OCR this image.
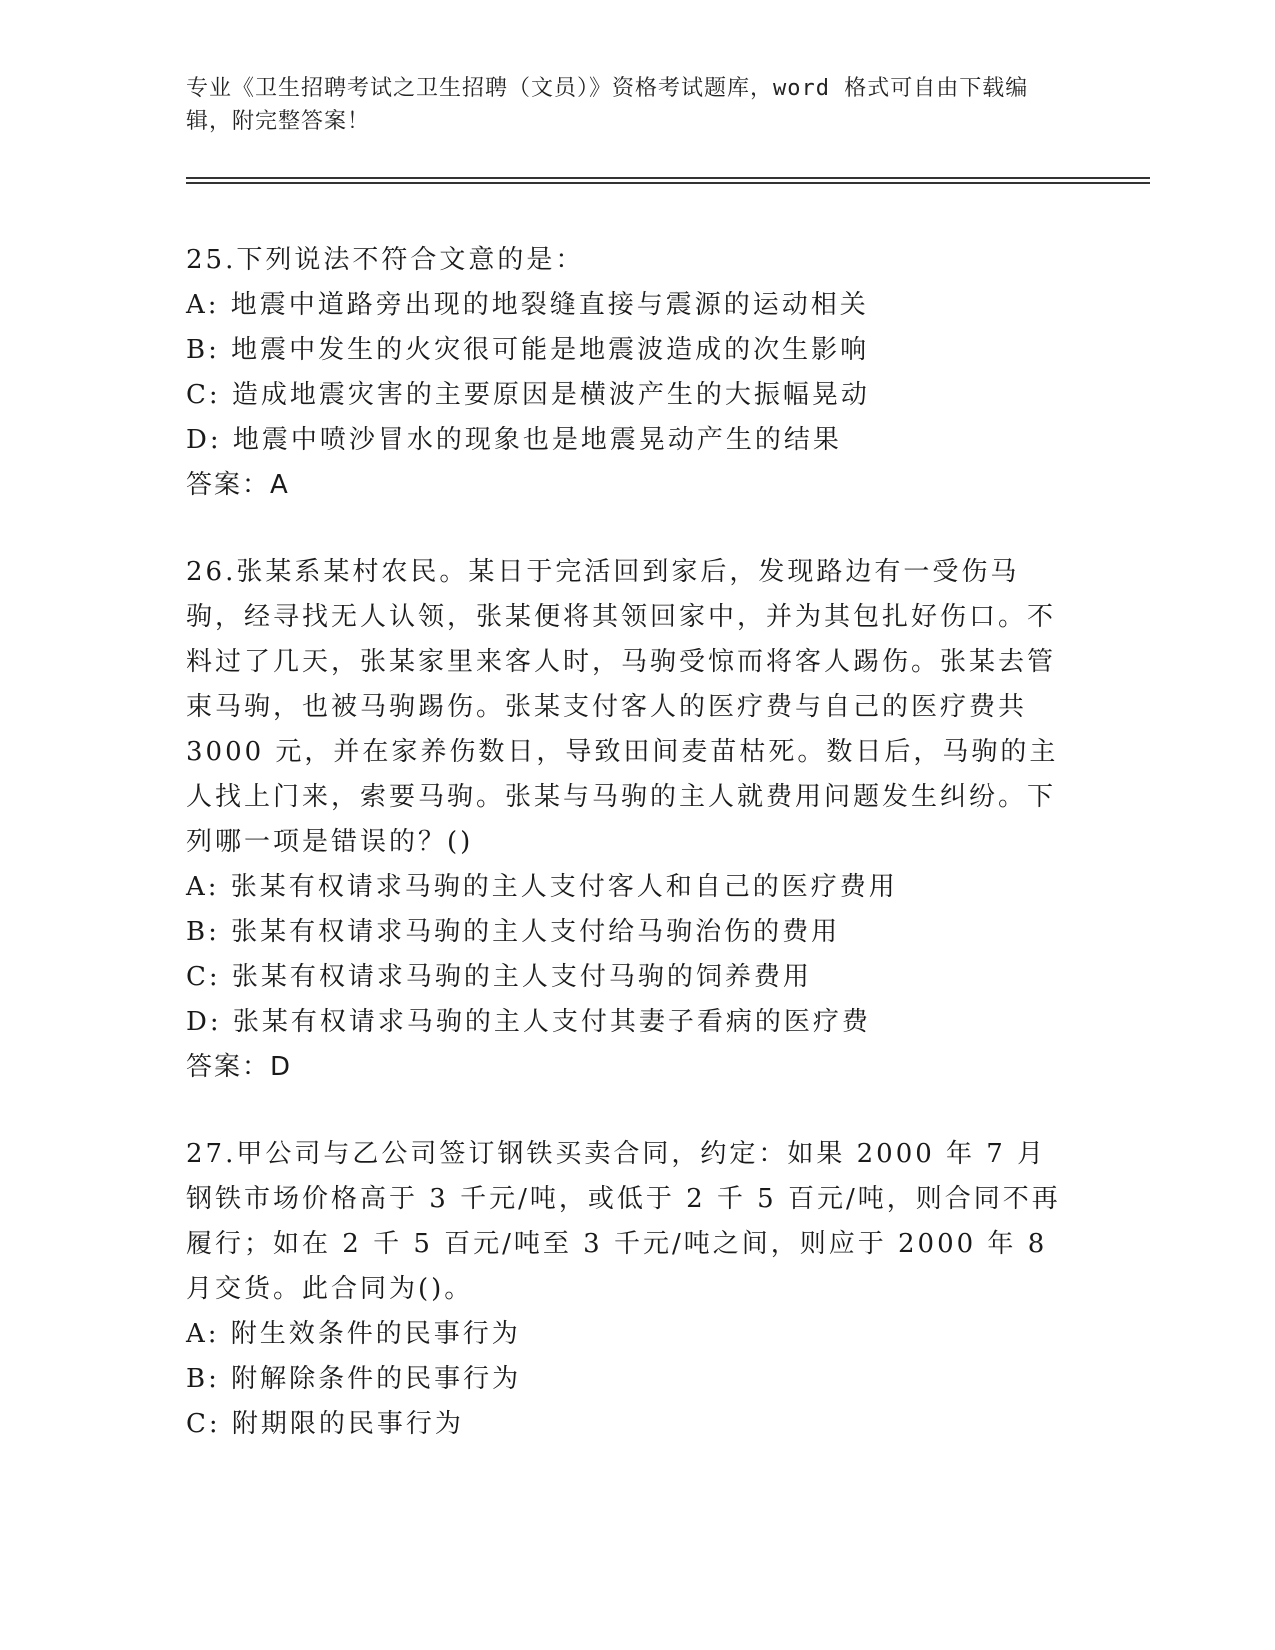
专业《卫生招聘考试之卫生招聘（文员）》资格考试题库，word 格式可自由下载编辑，附完整答案！
25.下列说法不符合文意的是：
A: 地震中道路旁出现的地裂缝直接与震源的运动相关
B: 地震中发生的火灾很可能是地震波造成的次生影响
C: 造成地震灾害的主要原因是横波产生的大振幅晃动
D: 地震中喷沙冒水的现象也是地震晃动产生的结果
答案：A
26.张某系某村农民。某日于完活回到家后，发现路边有一受伤马驹，经寻找无人认领，张某便将其领回家中，并为其包扎好伤口。不料过了几天，张某家里来客人时，马驹受惊而将客人踢伤。张某去管束马驹，也被马驹踢伤。张某支付客人的医疗费与自己的医疗费共 3000 元，并在家养伤数日，导致田间麦苗枯死。数日后，马驹的主人找上门来，索要马驹。张某与马驹的主人就费用问题发生纠纷。下列哪一项是错误的？()
A: 张某有权请求马驹的主人支付客人和自己的医疗费用
B: 张某有权请求马驹的主人支付给马驹治伤的费用
C: 张某有权请求马驹的主人支付马驹的饲养费用
D: 张某有权请求马驹的主人支付其妻子看病的医疗费
答案：D
27.甲公司与乙公司签订钢铁买卖合同，约定：如果 2000 年 7 月钢铁市场价格高于 3 千元/吨，或低于 2 千 5 百元/吨，则合同不再履行；如在 2 千 5 百元/吨至 3 千元/吨之间，则应于 2000 年 8 月交货。此合同为()。
A: 附生效条件的民事行为
B: 附解除条件的民事行为
C: 附期限的民事行为
